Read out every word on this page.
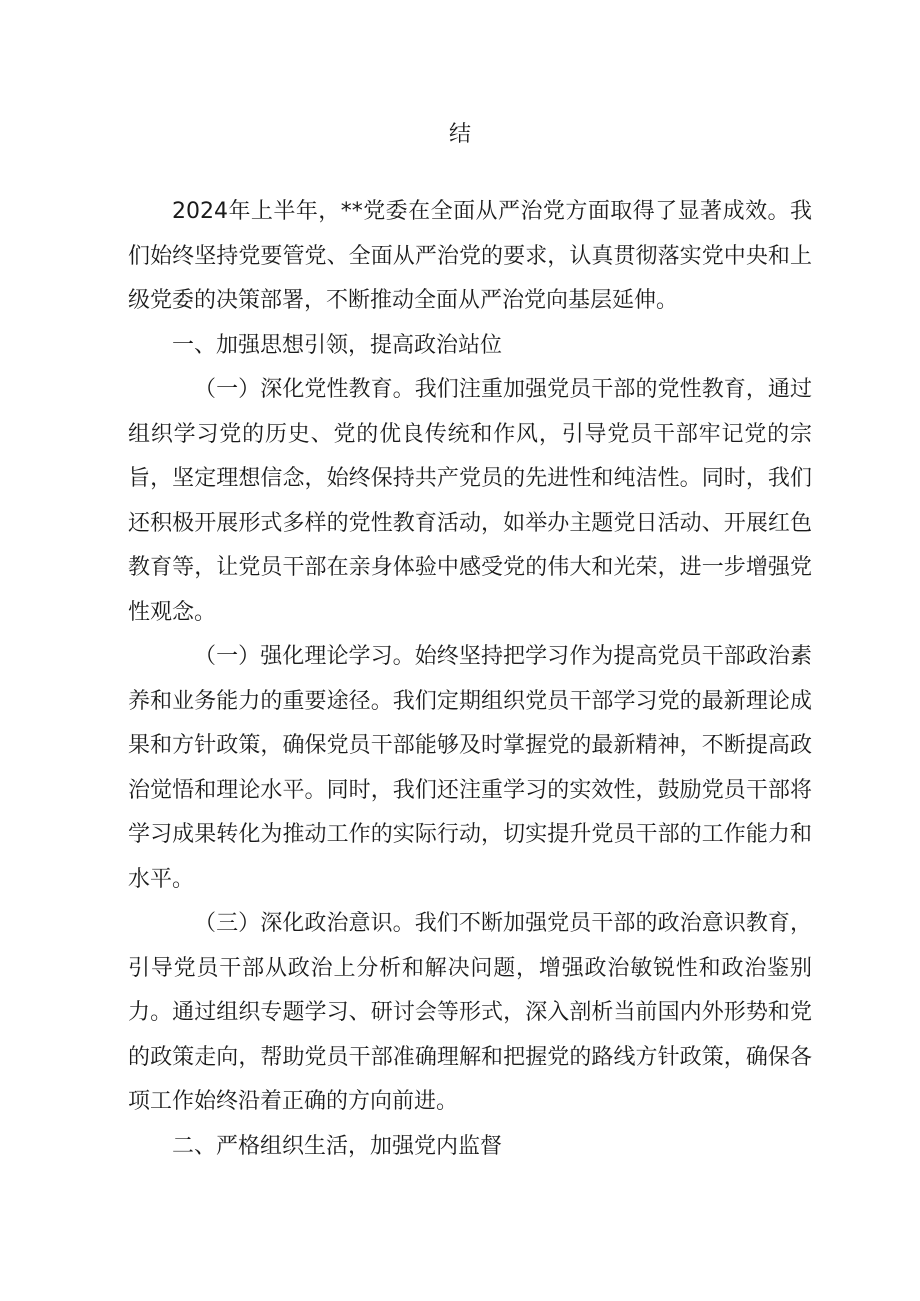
结

2024年上半年，**党委在全面从严治党方面取得了显著成效。我们始终坚持党要管党、全面从严治党的要求，认真贯彻落实党中央和上级党委的决策部署，不断推动全面从严治党向基层延伸。

一、加强思想引领，提高政治站位

（一）深化党性教育。我们注重加强党员干部的党性教育，通过组织学习党的历史、党的优良传统和作风，引导党员干部牢记党的宗旨，坚定理想信念，始终保持共产党员的先进性和纯洁性。同时，我们还积极开展形式多样的党性教育活动，如举办主题党日活动、开展红色教育等，让党员干部在亲身体验中感受党的伟大和光荣，进一步增强党性观念。

（一）强化理论学习。始终坚持把学习作为提高党员干部政治素养和业务能力的重要途径。我们定期组织党员干部学习党的最新理论成果和方针政策，确保党员干部能够及时掌握党的最新精神，不断提高政治觉悟和理论水平。同时，我们还注重学习的实效性，鼓励党员干部将学习成果转化为推动工作的实际行动，切实提升党员干部的工作能力和水平。

（三）深化政治意识。我们不断加强党员干部的政治意识教育，引导党员干部从政治上分析和解决问题，增强政治敏锐性和政治鉴别力。通过组织专题学习、研讨会等形式，深入剖析当前国内外形势和党的政策走向，帮助党员干部准确理解和把握党的路线方针政策，确保各项工作始终沿着正确的方向前进。

二、严格组织生活，加强党内监督
